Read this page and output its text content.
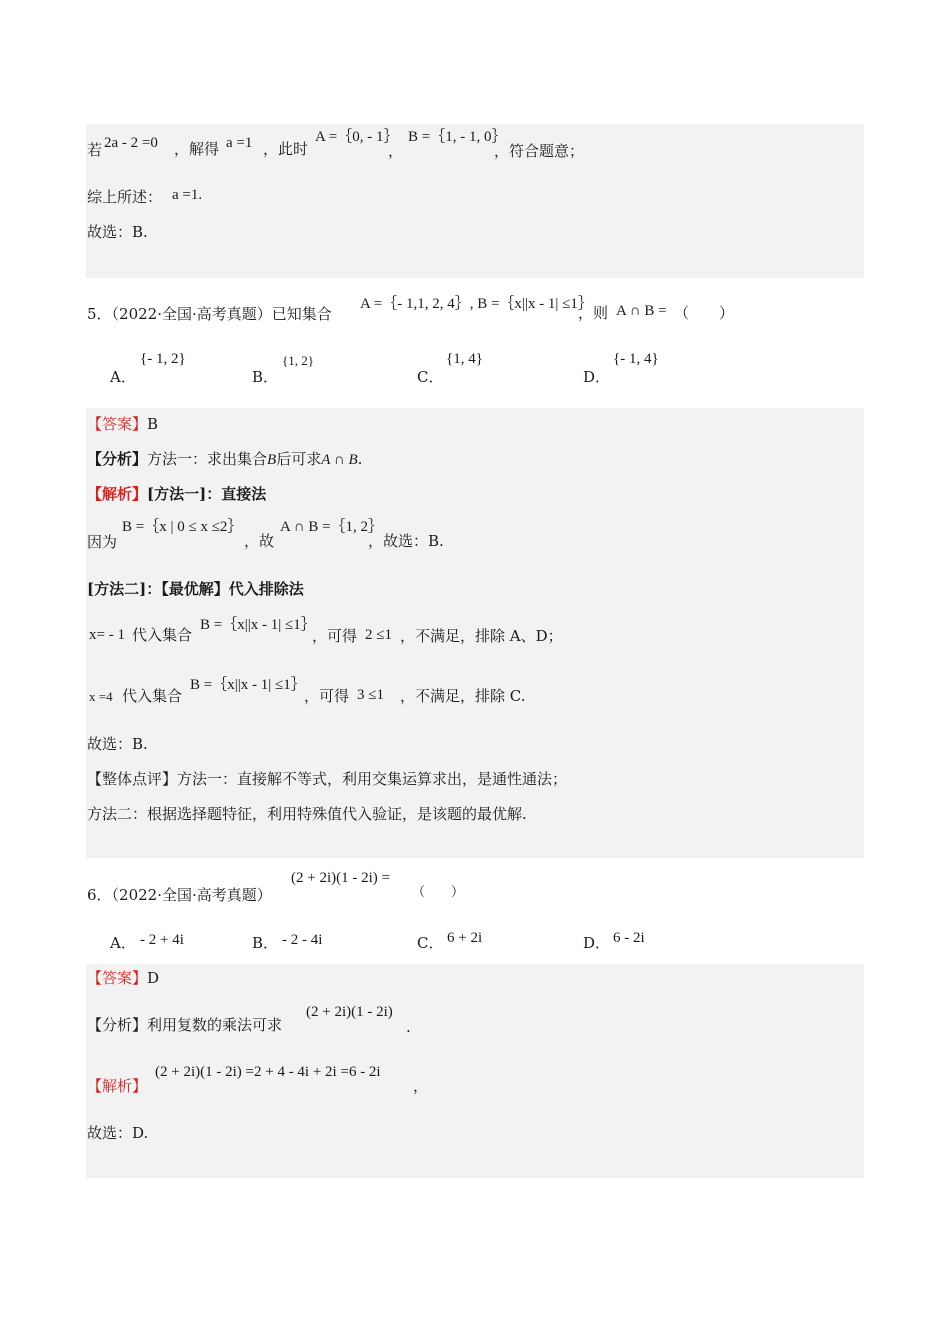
若 2a - 2 =0 ，解得 a =1 ，此时
A =｛0, - 1｝
，
B =｛1, - 1, 0｝
，符合题意；
综上所述： a =1.
故选：B.
5．（2022·全国·高考真题）已知集合
A =｛- 1,1, 2, 4｝, B =｛x||x - 1| ≤1｝
，则 A ∩ B = （　　）
A．
{- 1, 2}
B．
{1, 2}
C．
{1, 4}
D．
{- 1, 4}
【答案】B
【分析】方法一：求出集合B后可求A ∩ B.
【解析】[方法一]：直接法
因为
B =｛x | 0 ≤ x ≤2｝
，故
A ∩ B =｛1, 2｝
，故选：B.
[方法二]：【最优解】代入排除法
x= - 1 代入集合
B =｛x||x - 1| ≤1｝
，可得 2 ≤1 ，不满足，排除 A、D；
x =4 代入集合
B =｛x||x - 1| ≤1｝
，可得 3 ≤1 ，不满足，排除 C.
故选：B.
【整体点评】方法一：直接解不等式，利用交集运算求出，是通性通法；
方法二：根据选择题特征，利用特殊值代入验证，是该题的最优解.
6．（2022·全国·高考真题）
(2 + 2i)(1 - 2i) =
（　　）
A． - 2 + 4i	B． - 2 - 4i	C． 6 + 2i	D． 6 - 2i
【答案】D
【分析】利用复数的乘法可求
(2 + 2i)(1 - 2i)
.
【解析】
(2 + 2i)(1 - 2i) =2 + 4 - 4i + 2i =6 - 2i
，
故选：D.
